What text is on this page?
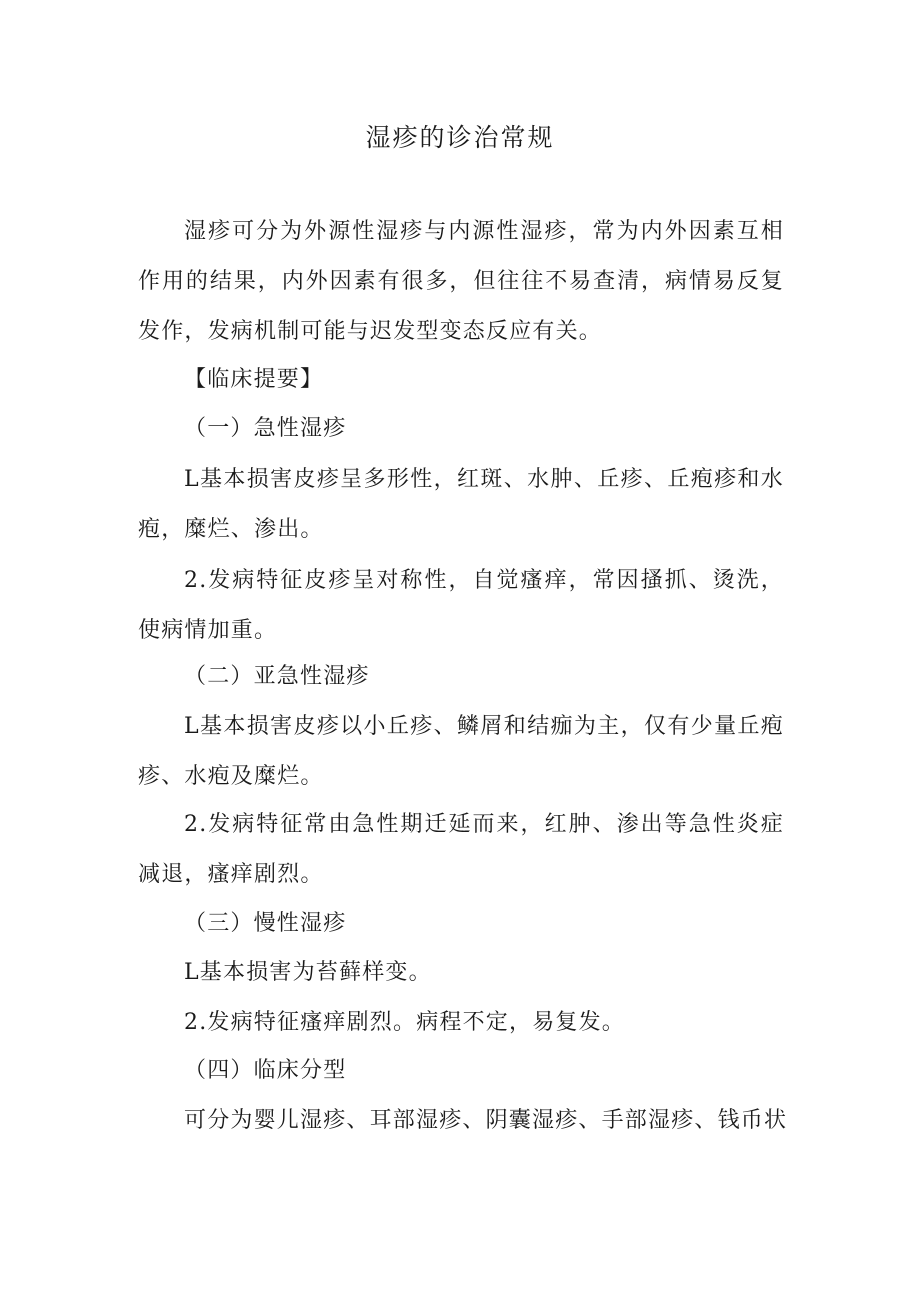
湿疹的诊治常规
湿疹可分为外源性湿疹与内源性湿疹，常为内外因素互相作用的结果，内外因素有很多，但往往不易查清，病情易反复发作，发病机制可能与迟发型变态反应有关。
【临床提要】
（一）急性湿疹
L基本损害皮疹呈多形性，红斑、水肿、丘疹、丘疱疹和水疱，糜烂、渗出。
2.发病特征皮疹呈对称性，自觉瘙痒，常因搔抓、烫洗，使病情加重。
（二）亚急性湿疹
L基本损害皮疹以小丘疹、鳞屑和结痂为主，仅有少量丘疱疹、水疱及糜烂。
2.发病特征常由急性期迁延而来，红肿、渗出等急性炎症减退，瘙痒剧烈。
（三）慢性湿疹
L基本损害为苔藓样变。
2.发病特征瘙痒剧烈。病程不定，易复发。
（四）临床分型
可分为婴儿湿疹、耳部湿疹、阴囊湿疹、手部湿疹、钱币状
